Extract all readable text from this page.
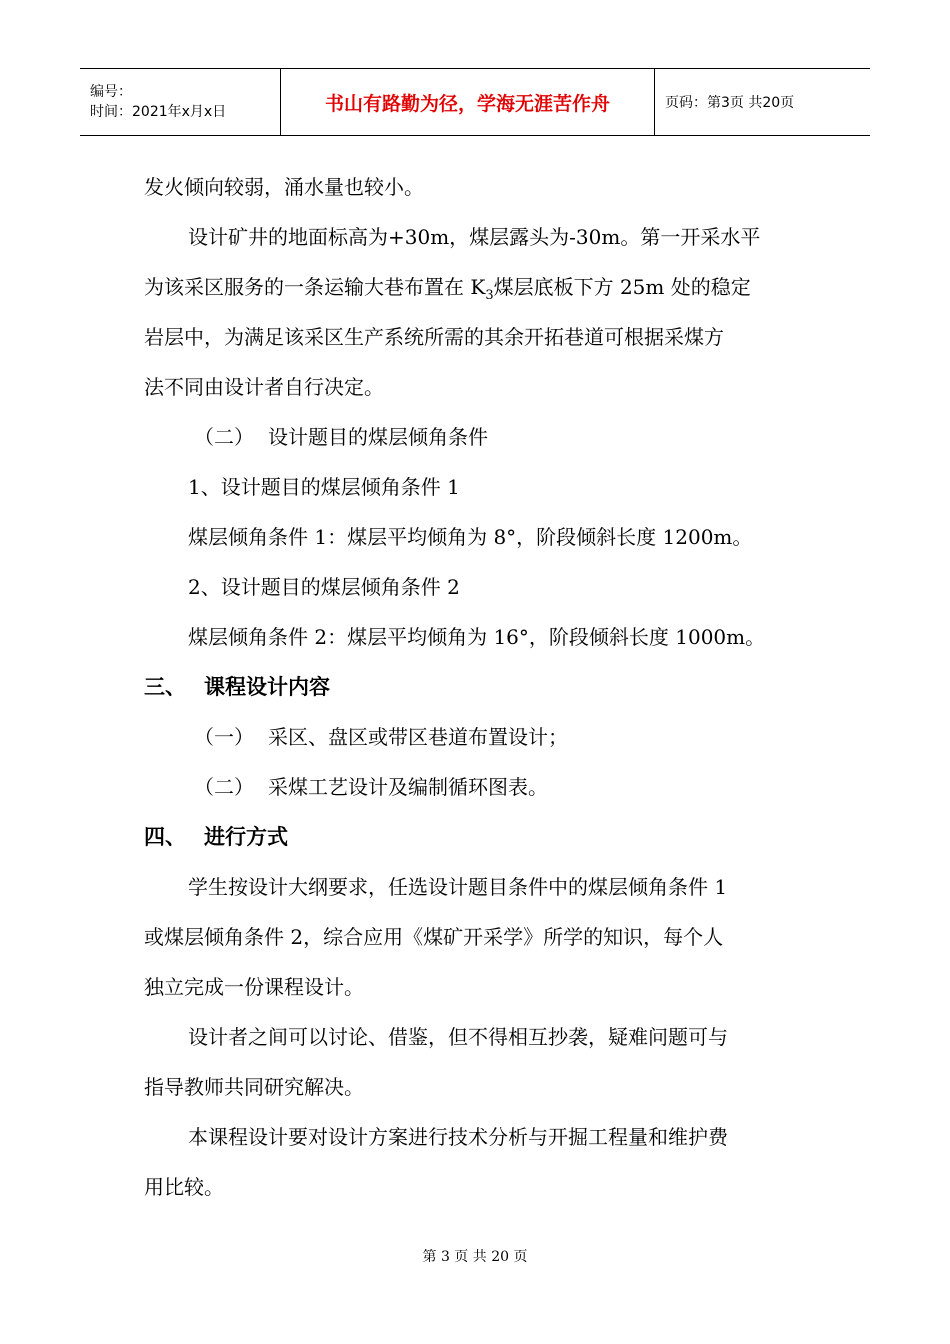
编号：
时间：2021年x月x日	书山有路勤为径，学海无涯苦作舟	页码：第3页 共20页

发火倾向较弱，涌水量也较小。

设计矿井的地面标高为+30m，煤层露头为-30m。第一开采水平

为该采区服务的一条运输大巷布置在 $K_3$煤层底板下方 25m 处的稳定

岩层中，为满足该采区生产系统所需的其余开拓巷道可根据采煤方

法不同由设计者自行决定。

（二） 设计题目的煤层倾角条件

1、设计题目的煤层倾角条件 1

煤层倾角条件 1：煤层平均倾角为 8°，阶段倾斜长度 1200m。

2、设计题目的煤层倾角条件 2

煤层倾角条件 2：煤层平均倾角为 16°，阶段倾斜长度 1000m。

三、 课程设计内容

（一） 采区、盘区或带区巷道布置设计；

（二） 采煤工艺设计及编制循环图表。

四、 进行方式

学生按设计大纲要求，任选设计题目条件中的煤层倾角条件 1

或煤层倾角条件 2，综合应用《煤矿开采学》所学的知识，每个人

独立完成一份课程设计。

设计者之间可以讨论、借鉴，但不得相互抄袭，疑难问题可与

指导教师共同研究解决。

本课程设计要对设计方案进行技术分析与开掘工程量和维护费

用比较。

第 3 页 共 20 页
